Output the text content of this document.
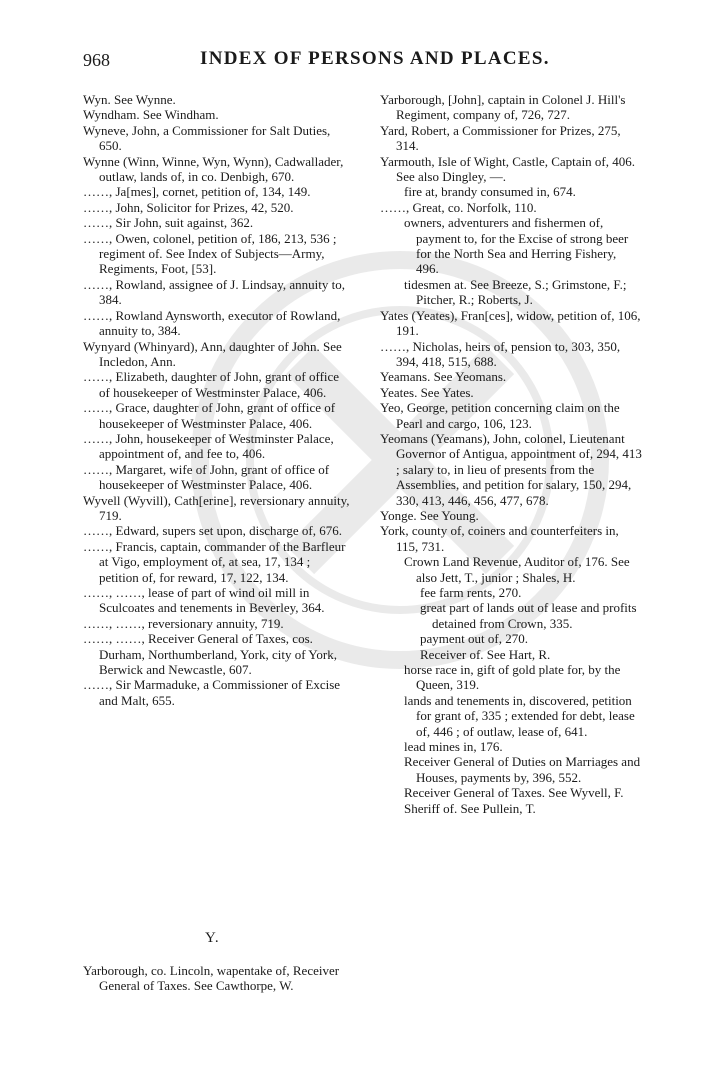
968	INDEX OF PERSONS AND PLACES.
Wyn. See Wynne.
Wyndham. See Windham.
Wyneve, John, a Commissioner for Salt Duties, 650.
Wynne (Winn, Winne, Wyn, Wynn), Cadwallader, outlaw, lands of, in co. Denbigh, 670.
……, Ja[mes], cornet, petition of, 134, 149.
……, John, Solicitor for Prizes, 42, 520.
……, Sir John, suit against, 362.
……, Owen, colonel, petition of, 186, 213, 536 ; regiment of. See Index of Subjects—Army, Regiments, Foot, [53].
……, Rowland, assignee of J. Lindsay, annuity to, 384.
……, Rowland Aynsworth, executor of Rowland, annuity to, 384.
Wynyard (Whinyard), Ann, daughter of John. See Incledon, Ann.
……, Elizabeth, daughter of John, grant of office of housekeeper of Westminster Palace, 406.
……, Grace, daughter of John, grant of office of housekeeper of Westminster Palace, 406.
……, John, housekeeper of Westminster Palace, appointment of, and fee to, 406.
……, Margaret, wife of John, grant of office of housekeeper of Westminster Palace, 406.
Wyvell (Wyvill), Cath[erine], reversionary annuity, 719.
……, Edward, supers set upon, discharge of, 676.
……, Francis, captain, commander of the Barfleur at Vigo, employment of, at sea, 17, 134 ; petition of, for reward, 17, 122, 134.
……, ……, lease of part of wind oil mill in Sculcoates and tenements in Beverley, 364.
……, ……, reversionary annuity, 719.
……, ……, Receiver General of Taxes, cos. Durham, Northumberland, York, city of York, Berwick and Newcastle, 607.
……, Sir Marmaduke, a Commissioner of Excise and Malt, 655.
Yarborough, [John], captain in Colonel J. Hill's Regiment, company of, 726, 727.
Yard, Robert, a Commissioner for Prizes, 275, 314.
Yarmouth, Isle of Wight, Castle, Captain of, 406. See also Dingley, —.
fire at, brandy consumed in, 674.
……, Great, co. Norfolk, 110.
owners, adventurers and fishermen of, payment to, for the Excise of strong beer for the North Sea and Herring Fishery, 496.
tidesmen at. See Breeze, S.; Grimstone, F.; Pitcher, R.; Roberts, J.
Yates (Yeates), Fran[ces], widow, petition of, 106, 191.
……, Nicholas, heirs of, pension to, 303, 350, 394, 418, 515, 688.
Yeamans. See Yeomans.
Yeates. See Yates.
Yeo, George, petition concerning claim on the Pearl and cargo, 106, 123.
Yeomans (Yeamans), John, colonel, Lieutenant Governor of Antigua, appointment of, 294, 413 ; salary to, in lieu of presents from the Assemblies, and petition for salary, 150, 294, 330, 413, 446, 456, 477, 678.
Yonge. See Young.
York, county of, coiners and counterfeiters in, 115, 731.
Crown Land Revenue, Auditor of, 176. See also Jett, T., junior ; Shales, H.
fee farm rents, 270.
great part of lands out of lease and profits detained from Crown, 335.
payment out of, 270.
Receiver of. See Hart, R.
horse race in, gift of gold plate for, by the Queen, 319.
lands and tenements in, discovered, petition for grant of, 335 ; extended for debt, lease of, 446 ; of outlaw, lease of, 641.
lead mines in, 176.
Receiver General of Duties on Marriages and Houses, payments by, 396, 552.
Receiver General of Taxes. See Wyvell, F.
Sheriff of. See Pullein, T.
Y.
Yarborough, co. Lincoln, wapentake of, Receiver General of Taxes. See Cawthorpe, W.
